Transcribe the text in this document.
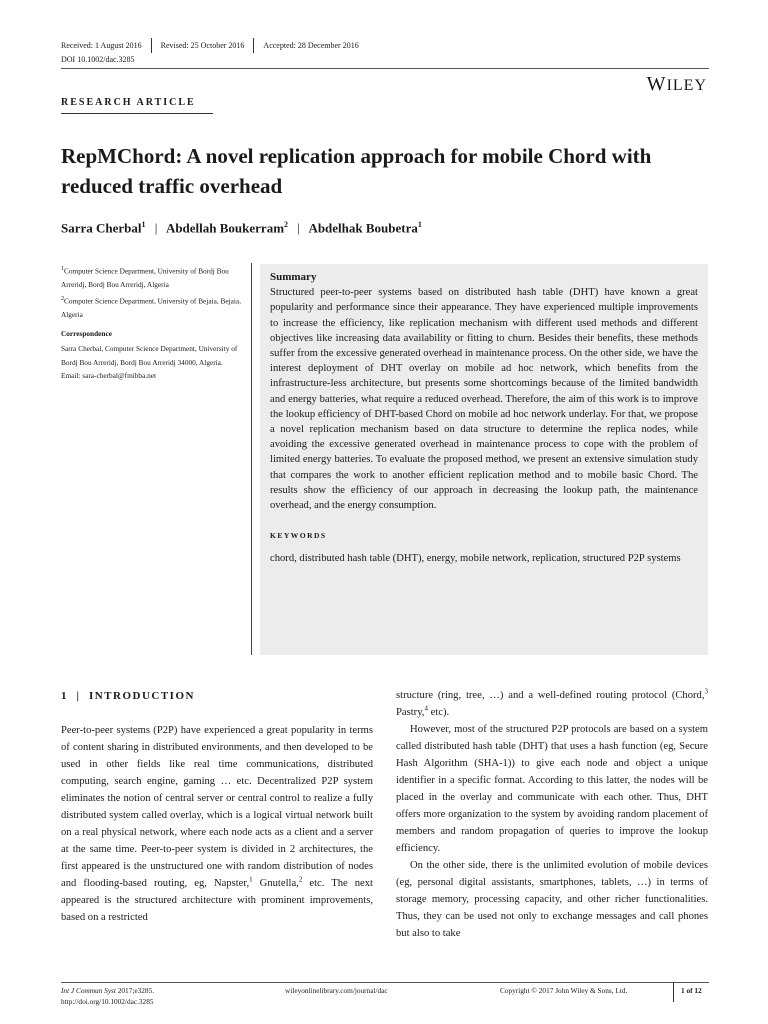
Received: 1 August 2016 Revised: 25 October 2016 Accepted: 28 December 2016
DOI 10.1002/dac.3285
WILEY
RESEARCH ARTICLE
RepMChord: A novel replication approach for mobile Chord with reduced traffic overhead
Sarra Cherbal$^1$ | Abdellah Boukerram$^2$ | Abdelhak Boubetra$^1$

$^1$Computer Science Department, University of Bordj Bou Arreridj, Bordj Bou Arreridj, Algeria

$^2$Computer Science Department, University of Bejaia, Bejaia, Algeria

Correspondence

Sarra Cherbal, Computer Science Department, University of Bordj Bou Arreridj, Bordj Bou Arreridj 34000, Algeria.
Email: sara-cherbal@fmibba.net

Summary

Structured peer-to-peer systems based on distributed hash table (DHT) have known a great popularity and performance since their appearance. They have experienced multiple improvements to increase the efficiency, like replication mechanism with different used methods and different objectives like increasing data availability or fitting to churn. Besides their benefits, these methods suffer from the excessive generated overhead in maintenance process. On the other side, we have the interest deployment of DHT overlay on mobile ad hoc network, which benefits from the infrastructure-less architecture, but presents some shortcomings because of the limited bandwidth and energy batteries, what require a reduced overhead. Therefore, the aim of this work is to improve the lookup efficiency of DHT-based Chord on mobile ad hoc network underlay. For that, we propose a novel replication mechanism based on data structure to determine the replica nodes, while avoiding the excessive generated overhead in maintenance process to cope with the problem of limited energy batteries. To evaluate the proposed method, we present an extensive simulation study that compares the work to another efficient replication method and to mobile basic Chord. The results show the efficiency of our approach in decreasing the lookup path, the maintenance overhead, and the energy consumption.

KEYWORDS
chord, distributed hash table (DHT), energy, mobile network, replication, structured P2P systems
1 | INTRODUCTION

Peer-to-peer systems (P2P) have experienced a great popularity in terms of content sharing in distributed environments, and then developed to be used in other fields like real time communications, distributed computing, search engine, gaming … etc. Decentralized P2P system eliminates the notion of central server or central control to realize a fully distributed system called overlay, which is a logical virtual network built on a real physical network, where each node acts as a client and a server at the same time. Peer-to-peer system is divided in 2 architectures, the first appeared is the unstructured one with random distribution of nodes and flooding-based routing, eg, Napster,$^1$ Gnutella,$^2$ etc. The next appeared is the structured architecture with prominent improvements, based on a restricted

structure (ring, tree, …) and a well-defined routing protocol (Chord,$^3$ Pastry,$^4$ etc).

However, most of the structured P2P protocols are based on a system called distributed hash table (DHT) that uses a hash function (eg, Secure Hash Algorithm (SHA-1)) to give each node and object a unique identifier in a specific format. According to this latter, the nodes will be placed in the overlay and communicate with each other. Thus, DHT offers more organization to the system by avoiding random placement of members and random propagation of queries to improve the lookup efficiency.

On the other side, there is the unlimited evolution of mobile devices (eg, personal digital assistants, smartphones, tablets, …) in terms of storage memory, processing capacity, and other richer functionalities. Thus, they can be used not only to exchange messages and call phones but also to take

Int J Commun Syst 2017;e3285.
http://doi.org/10.1002/dac.3285
wileyonlinelibrary.com/journal/dac	Copyright © 2017 John Wiley & Sons, Ltd.	1 of 12
